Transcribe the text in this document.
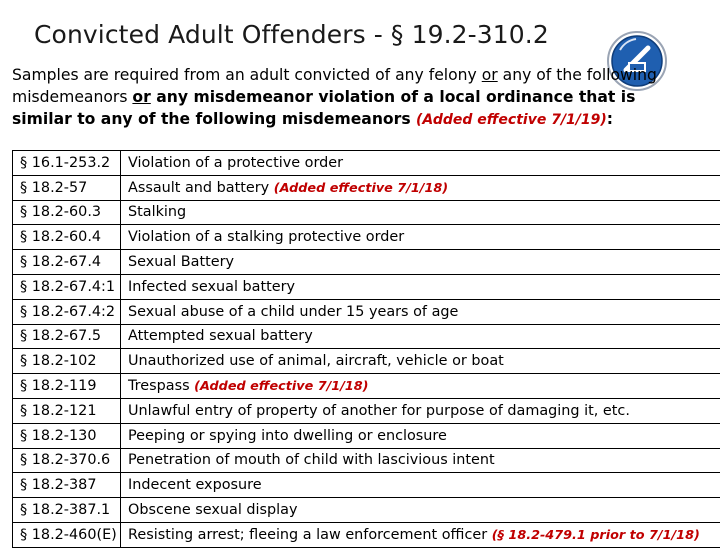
Convicted Adult Offenders - § 19.2-310.2
Samples are required from an adult convicted of any felony or any of the following misdemeanors or any misdemeanor violation of a local ordinance that is similar to any of the following misdemeanors (Added effective 7/1/19):
§ 16.1-253.2	Violation of a protective order
§ 18.2-57	Assault and battery (Added effective 7/1/18)
§ 18.2-60.3	Stalking
§ 18.2-60.4	Violation of a stalking protective order
§ 18.2-67.4	Sexual Battery
§ 18.2-67.4:1	Infected sexual battery
§ 18.2-67.4:2	Sexual abuse of a child under 15 years of age
§ 18.2-67.5	Attempted sexual battery
§ 18.2-102	Unauthorized use of animal, aircraft, vehicle or boat
§ 18.2-119	Trespass (Added effective 7/1/18)
§ 18.2-121	Unlawful entry of property of another for purpose of damaging it, etc.
§ 18.2-130	Peeping or spying into dwelling or enclosure
§ 18.2-370.6	Penetration of mouth of child with lascivious intent
§ 18.2-387	Indecent exposure
§ 18.2-387.1	Obscene sexual display
§ 18.2-460(E)	Resisting arrest; fleeing a law enforcement officer (§ 18.2-479.1 prior to 7/1/18)
